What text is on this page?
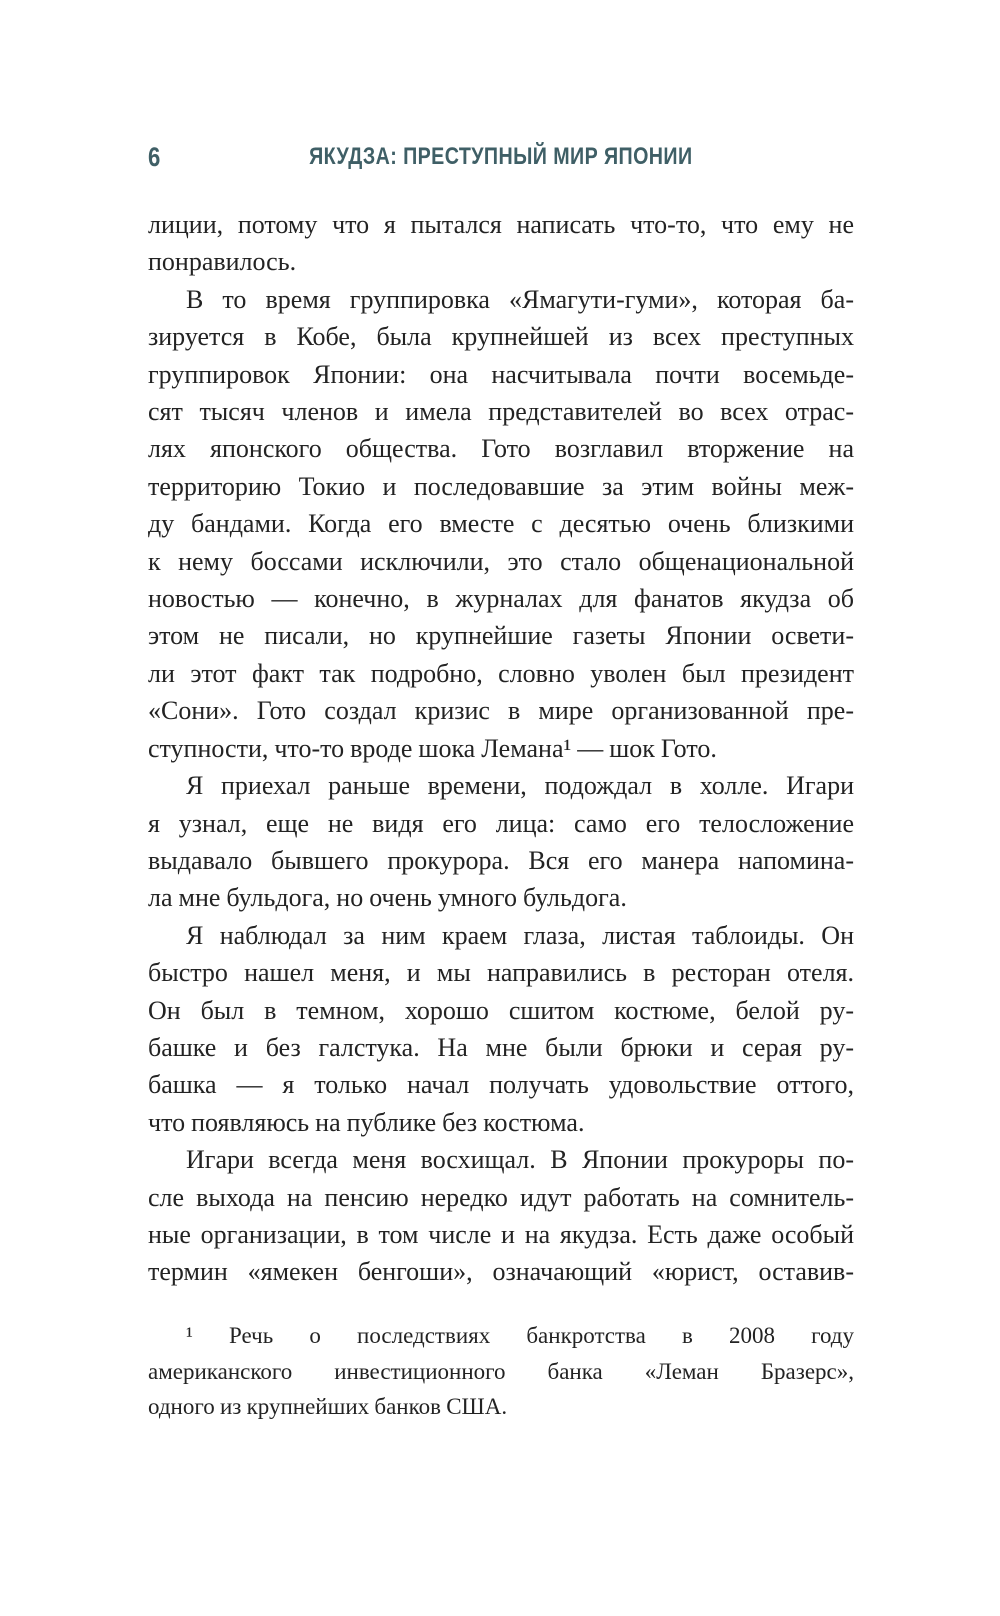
6	ЯКУДЗА: ПРЕСТУПНЫЙ МИР ЯПОНИИ

лиции, потому что я пытался написать что-то, что ему не
понравилось.

В то время группировка «Ямагути-гуми», которая ба-
зируется в Кобе, была крупнейшей из всех преступных
группировок Японии: она насчитывала почти восемьде-
сят тысяч членов и имела представителей во всех отрас-
лях японского общества. Гото возглавил вторжение на
территорию Токио и последовавшие за этим войны меж-
ду бандами. Когда его вместе с десятью очень близкими
к нему боссами исключили, это стало общенациональной
новостью — конечно, в журналах для фанатов якудза об
этом не писали, но крупнейшие газеты Японии освети-
ли этот факт так подробно, словно уволен был президент
«Сони». Гото создал кризис в мире организованной пре-
ступности, что-то вроде шока Лемана¹ — шок Гото.

Я приехал раньше времени, подождал в холле. Игари
я узнал, еще не видя его лица: само его телосложение
выдавало бывшего прокурора. Вся его манера напомина-
ла мне бульдога, но очень умного бульдога.

Я наблюдал за ним краем глаза, листая таблоиды. Он
быстро нашел меня, и мы направились в ресторан отеля.
Он был в темном, хорошо сшитом костюме, белой ру-
башке и без галстука. На мне были брюки и серая ру-
башка — я только начал получать удовольствие оттого,
что появляюсь на публике без костюма.

Игари всегда меня восхищал. В Японии прокуроры по-
сле выхода на пенсию нередко идут работать на сомнитель-
ные организации, в том числе и на якудза. Есть даже особый
термин «ямекен бенгоши», означающий «юрист, оставив-

¹ Речь о последствиях банкротства в 2008 году
американского инвестиционного банка «Леман Бразерс»,
одного из крупнейших банков США.
